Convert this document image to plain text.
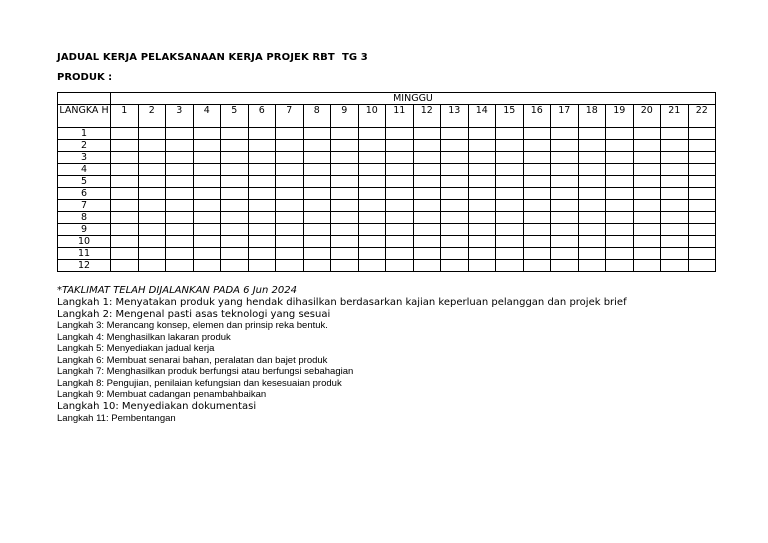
JADUAL KERJA PELAKSANAAN KERJA PROJEK RBT  TG 3
PRODUK :
	MINGGU																					
LANGKA H	1	2	3	4	5	6	7	8	9	10	11	12	13	14	15	16	17	18	19	20	21	22
1																						
2																						
3																						
4																						
5																						
6																						
7																						
8																						
9																						
10																						
11																						
12																						
*TAKLIMAT TELAH DIJALANKAN PADA 6 Jun 2024
Langkah 1: Menyatakan produk yang hendak dihasilkan berdasarkan kajian keperluan pelanggan dan projek brief
Langkah 2: Mengenal pasti asas teknologi yang sesuai
Langkah 3: Merancang konsep, elemen dan prinsip reka bentuk.
Langkah 4: Menghasilkan lakaran produk
Langkah 5: Menyediakan jadual kerja
Langkah 6: Membuat senarai bahan, peralatan dan bajet produk
Langkah 7: Menghasilkan produk berfungsi atau berfungsi sebahagian
Langkah 8: Pengujian, penilaian kefungsian dan kesesuaian produk
Langkah 9: Membuat cadangan penambahbaikan
Langkah 10: Menyediakan dokumentasi
Langkah 11: Pembentangan
